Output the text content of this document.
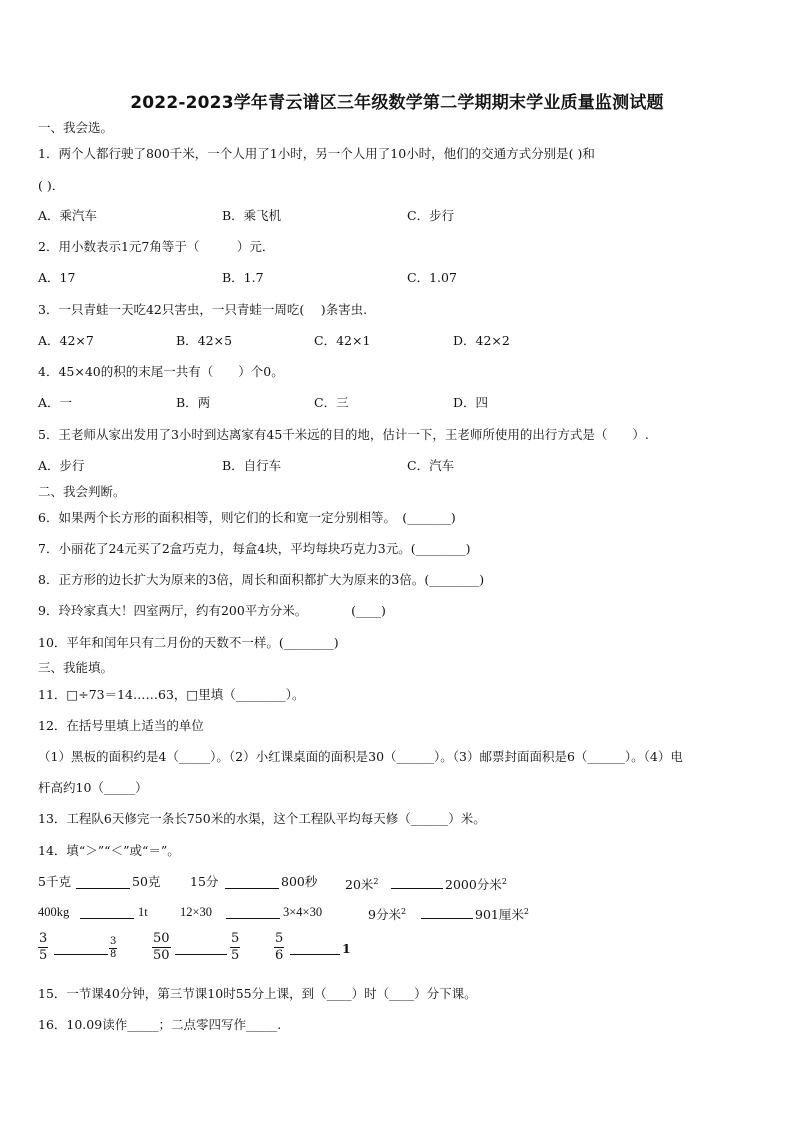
2022-2023学年青云谱区三年级数学第二学期期末学业质量监测试题
一、我会选。
1．两个人都行驶了800千米，一个人用了1小时，另一个人用了10小时，他们的交通方式分别是( )和
( )．
A．乘汽车	B．乘飞机	C．步行
2．用小数表示1元7角等于（　　　）元．
A．17	B．1.7	C．1.07
3．一只青蛙一天吃42只害虫，一只青蛙一周吃(　 )条害虫.
A．42×7	B．42×5	C．42×1	D．42×2
4．45×40的积的末尾一共有（　　）个0。
A．一	B．两	C．三	D．四
5．王老师从家出发用了3小时到达离家有45千米远的目的地，估计一下，王老师所使用的出行方式是（　　）.
A．步行	B．自行车	C．汽车
二、我会判断。
6．如果两个长方形的面积相等，则它们的长和宽一定分别相等。　(_______)
7．小丽花了24元买了2盒巧克力，每盒4块，平均每块巧克力3元。(________)
8．正方形的边长扩大为原来的3倍，周长和面积都扩大为原来的3倍。(________)
9．玲玲家真大！四室两厅，约有200平方分米。　　　　(____)
10．平年和闰年只有二月份的天数不一样。(________)
三、我能填。
11．□÷73＝14……63，□里填（________）。
12．在括号里填上适当的单位
（1）黑板的面积约是4（_____）。（2）小红课桌面的面积是30（______）。（3）邮票封面面积是6（______）。（4）电
杆高约10（_____）
13．工程队6天修完一条长750米的水渠，这个工程队平均每天修（______）米。
14．填“＞”“＜”或“＝”。
5千克	50克 15分	800秒 20米$^2$	2000分米$^2$
400kg	1t	12×30	3×4×30	9分米$^2$	901厘米$^2$
$\frac{3}{5}$	$\frac{3}{8}$	$\frac{50}{50}$	$\frac{5}{5}$	$\frac{5}{6}$	1
15．一节课40分钟，第三节课10时55分上课，到（____）时（____）分下课。
16．10.09读作_____；二点零四写作_____.
